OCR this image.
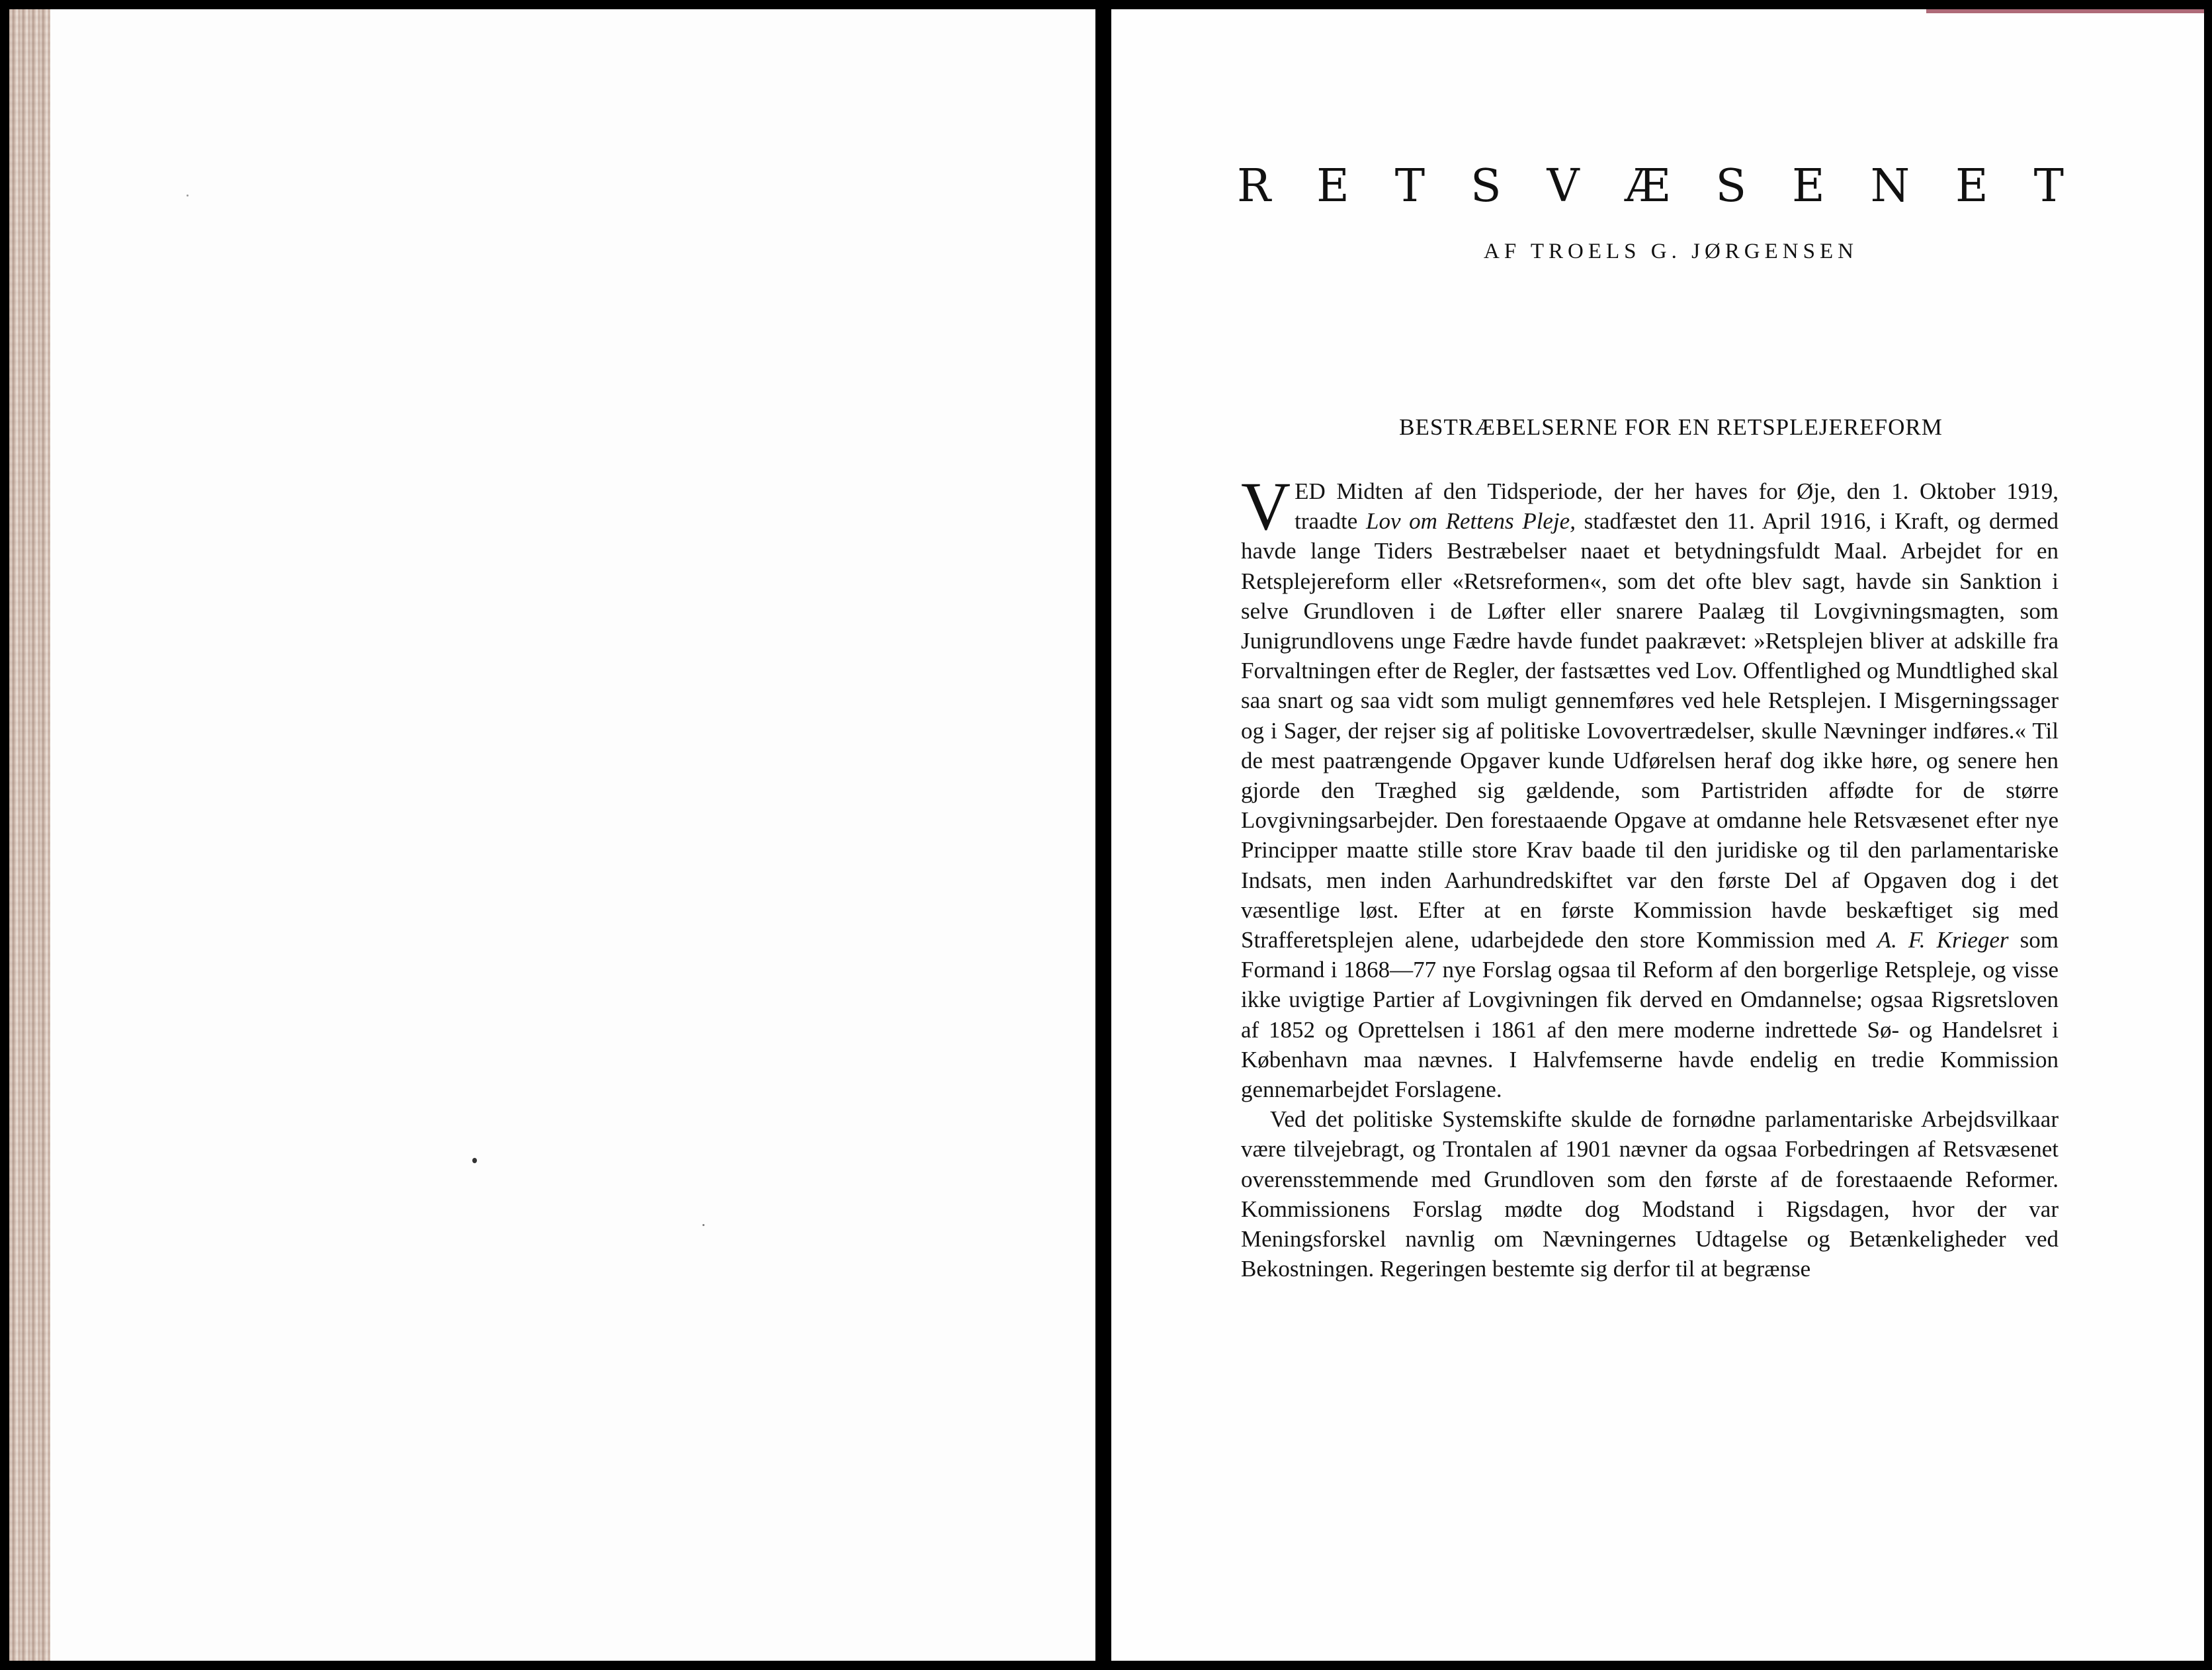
R E T S V Æ S E N E T
AF TROELS G. JØRGENSEN
BESTRÆBELSERNE FOR EN RETSPLEJEREFORM

VED Midten af den Tidsperiode, der her haves for Øje, den 1. Oktober 1919, traadte Lov om Rettens Pleje, stadfæstet den 11. April 1916, i Kraft, og dermed havde lange Tiders Bestræbelser naaet et betydningsfuldt Maal. Arbejdet for en Retsplejereform eller «Retsreformen«, som det ofte blev sagt, havde sin Sanktion i selve Grundloven i de Løfter eller snarere Paalæg til Lovgivningsmagten, som Junigrundlovens unge Fædre havde fundet paakrævet: »Retsplejen bliver at adskille fra Forvaltningen efter de Regler, der fastsættes ved Lov. Offentlighed og Mundtlighed skal saa snart og saa vidt som muligt gennemføres ved hele Retsplejen. I Misgerningssager og i Sager, der rejser sig af politiske Lovovertrædelser, skulle Nævninger indføres.« Til de mest paatrængende Opgaver kunde Udførelsen heraf dog ikke høre, og senere hen gjorde den Træghed sig gældende, som Partistriden affødte for de større Lovgivningsarbejder. Den forestaaende Opgave at omdanne hele Retsvæsenet efter nye Principper maatte stille store Krav baade til den juridiske og til den parlamentariske Indsats, men inden Aarhundredskiftet var den første Del af Opgaven dog i det væsentlige løst. Efter at en første Kommission havde beskæftiget sig med Strafferetsplejen alene, udarbejdede den store Kommission med A. F. Krieger som Formand i 1868—77 nye Forslag ogsaa til Reform af den borgerlige Retspleje, og visse ikke uvigtige Partier af Lovgivningen fik derved en Omdannelse; ogsaa Rigsretsloven af 1852 og Oprettelsen i 1861 af den mere moderne indrettede Sø- og Handelsret i København maa nævnes. I Halvfemserne havde endelig en tredie Kommission gennemarbejdet Forslagene.

Ved det politiske Systemskifte skulde de fornødne parlamentariske Arbejdsvilkaar være tilvejebragt, og Trontalen af 1901 nævner da ogsaa Forbedringen af Retsvæsenet overensstemmende med Grundloven som den første af de forestaaende Reformer. Kommissionens Forslag mødte dog Modstand i Rigsdagen, hvor der var Meningsforskel navnlig om Nævningernes Udtagelse og Betænkeligheder ved Bekostningen. Regeringen bestemte sig derfor til at begrænse
